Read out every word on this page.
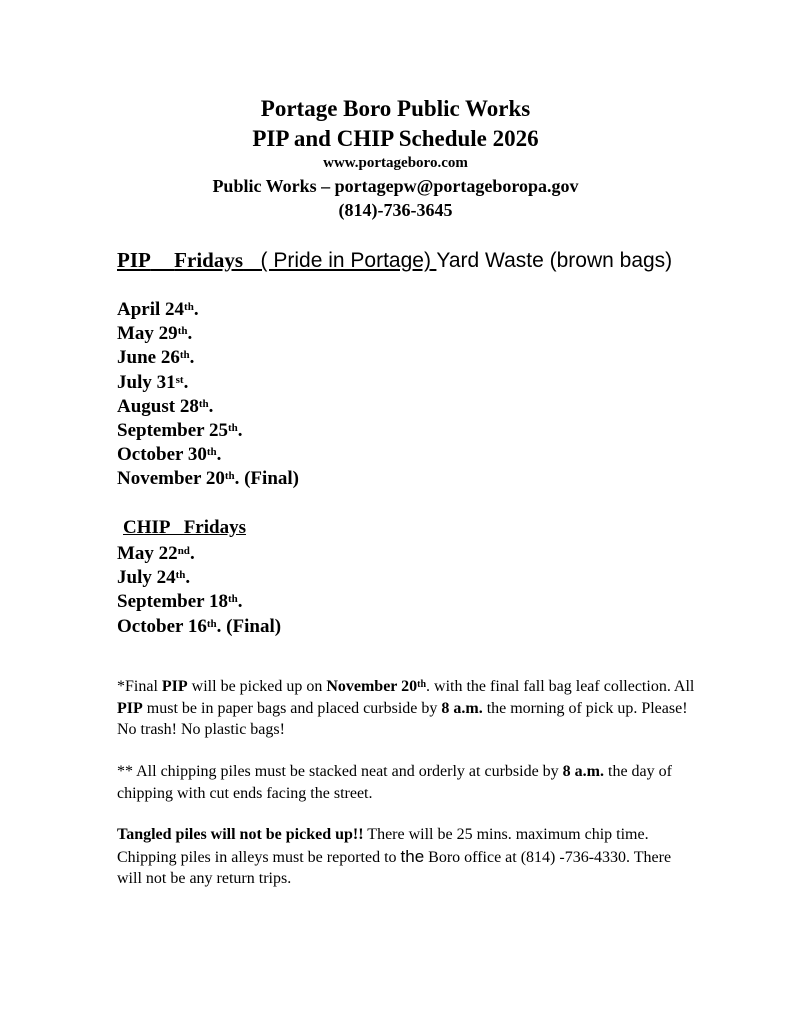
Portage Boro Public Works
PIP and CHIP Schedule 2026
www.portageboro.com
Public Works – portagepw@portageboropa.gov
(814)-736-3645
PIP Fridays ( Pride in Portage) Yard Waste (brown bags)
April 24th.
May 29th.
June 26th.
July 31st.
August 28th.
September 25th.
October 30th.
November 20th. (Final)
CHIP   Fridays
May 22nd.
July 24th.
September 18th.
October 16th. (Final)
*Final PIP will be picked up on November 20th. with the final fall bag leaf collection. All PIP must be in paper bags and placed curbside by 8 a.m. the morning of pick up. Please! No trash! No plastic bags!
** All chipping piles must be stacked neat and orderly at curbside by 8 a.m. the day of chipping with cut ends facing the street.
Tangled piles will not be picked up!! There will be 25 mins. maximum chip time. Chipping piles in alleys must be reported to the Boro office at (814) -736-4330. There will not be any return trips.
